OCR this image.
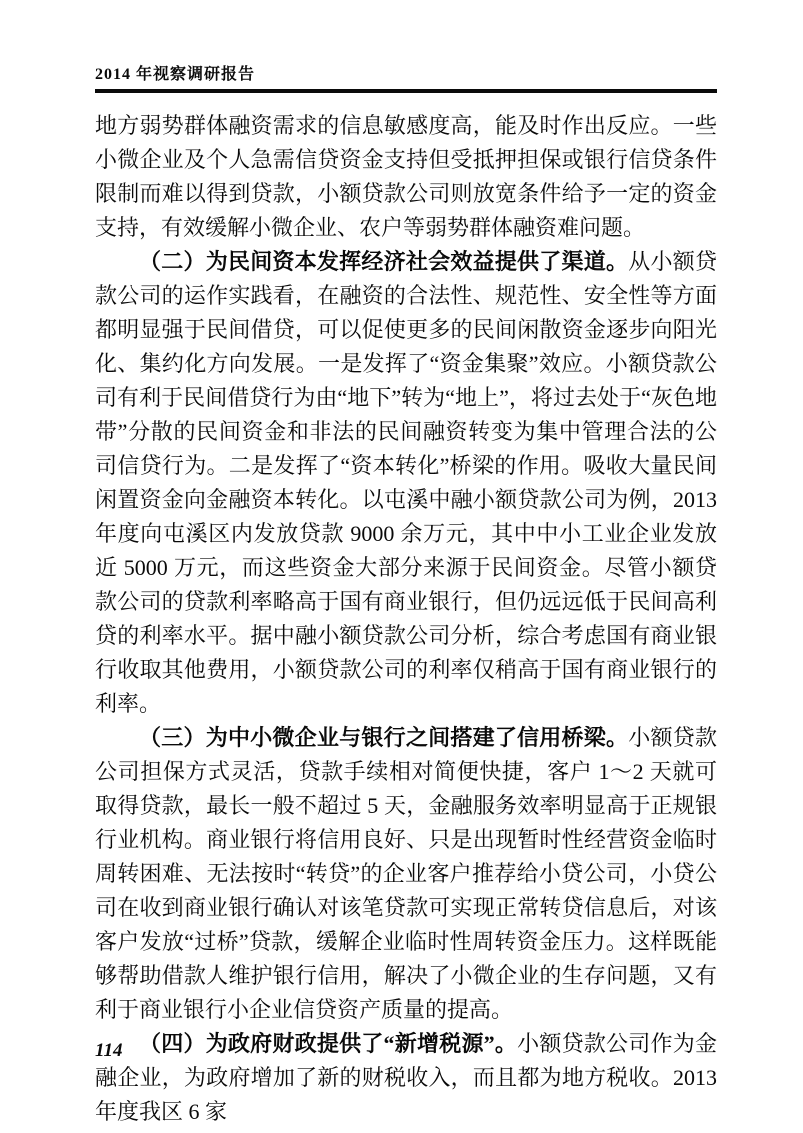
2014 年视察调研报告

地方弱势群体融资需求的信息敏感度高，能及时作出反应。一些小微企业及个人急需信贷资金支持但受抵押担保或银行信贷条件限制而难以得到贷款，小额贷款公司则放宽条件给予一定的资金支持，有效缓解小微企业、农户等弱势群体融资难问题。

（二）为民间资本发挥经济社会效益提供了渠道。从小额贷款公司的运作实践看，在融资的合法性、规范性、安全性等方面都明显强于民间借贷，可以促使更多的民间闲散资金逐步向阳光化、集约化方向发展。一是发挥了“资金集聚”效应。小额贷款公司有利于民间借贷行为由“地下”转为“地上”，将过去处于“灰色地带”分散的民间资金和非法的民间融资转变为集中管理合法的公司信贷行为。二是发挥了“资本转化”桥梁的作用。吸收大量民间闲置资金向金融资本转化。以屯溪中融小额贷款公司为例，2013 年度向屯溪区内发放贷款 9000 余万元，其中中小工业企业发放近 5000 万元，而这些资金大部分来源于民间资金。尽管小额贷款公司的贷款利率略高于国有商业银行，但仍远远低于民间高利贷的利率水平。据中融小额贷款公司分析，综合考虑国有商业银行收取其他费用，小额贷款公司的利率仅稍高于国有商业银行的利率。

（三）为中小微企业与银行之间搭建了信用桥梁。小额贷款公司担保方式灵活，贷款手续相对简便快捷，客户 1～2 天就可取得贷款，最长一般不超过 5 天，金融服务效率明显高于正规银行业机构。商业银行将信用良好、只是出现暂时性经营资金临时周转困难、无法按时“转贷”的企业客户推荐给小贷公司，小贷公司在收到商业银行确认对该笔贷款可实现正常转贷信息后，对该客户发放“过桥”贷款，缓解企业临时性周转资金压力。这样既能够帮助借款人维护银行信用，解决了小微企业的生存问题，又有利于商业银行小企业信贷资产质量的提高。

（四）为政府财政提供了“新增税源”。小额贷款公司作为金融企业，为政府增加了新的财税收入，而且都为地方税收。2013 年度我区 6 家

114
